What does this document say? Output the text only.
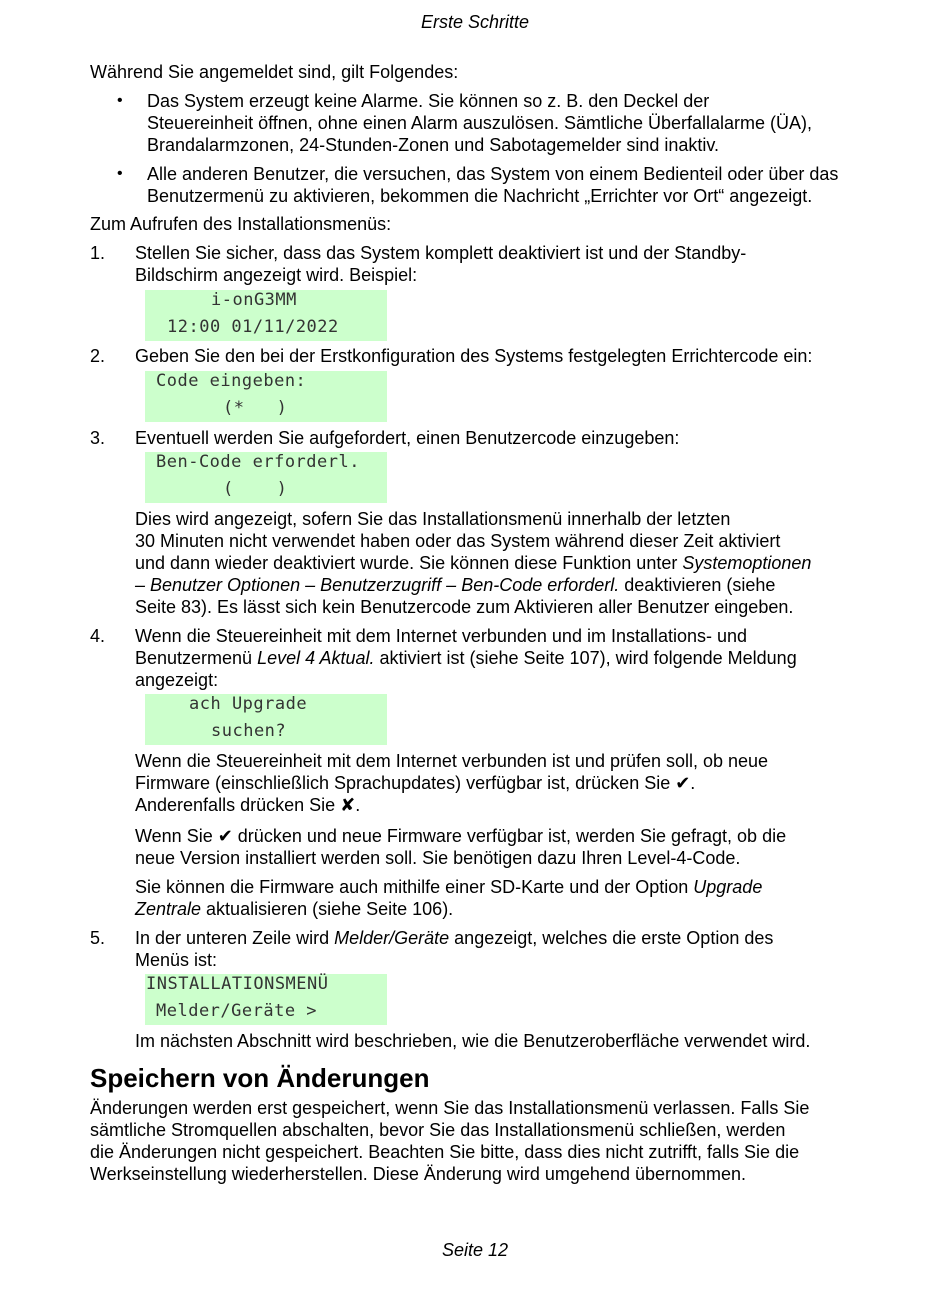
Erste Schritte

Während Sie angemeldet sind, gilt Folgendes:

• Das System erzeugt keine Alarme. Sie können so z. B. den Deckel der

Steuereinheit öffnen, ohne einen Alarm auszulösen. Sämtliche Überfallalarme (ÜA),

Brandalarmzonen, 24-Stunden-Zonen und Sabotagemelder sind inaktiv.

• Alle anderen Benutzer, die versuchen, das System von einem Bedienteil oder über das

Benutzermenü zu aktivieren, bekommen die Nachricht „Errichter vor Ort“ angezeigt.

Zum Aufrufen des Installationsmenüs:

1. Stellen Sie sicher, dass das System komplett deaktiviert ist und der Standby-

Bildschirm angezeigt wird. Beispiel:

i-onG3MM
12:00 01/11/2022
2. Geben Sie den bei der Erstkonfiguration des Systems festgelegten Errichtercode ein:

Code eingeben:
(*   )
3. Eventuell werden Sie aufgefordert, einen Benutzercode einzugeben:

Ben-Code erforderl.
(    )

Dies wird angezeigt, sofern Sie das Installationsmenü innerhalb der letzten

30 Minuten nicht verwendet haben oder das System während dieser Zeit aktiviert

und dann wieder deaktiviert wurde. Sie können diese Funktion unter Systemoptionen

– Benutzer Optionen – Benutzerzugriff – Ben-Code erforderl. deaktivieren (siehe

Seite 83). Es lässt sich kein Benutzercode zum Aktivieren aller Benutzer eingeben.

4. Wenn die Steuereinheit mit dem Internet verbunden und im Installations- und

Benutzermenü Level 4 Aktual. aktiviert ist (siehe Seite 107), wird folgende Meldung

angezeigt:

ach Upgrade
suchen?

Wenn die Steuereinheit mit dem Internet verbunden ist und prüfen soll, ob neue

Firmware (einschließlich Sprachupdates) verfügbar ist, drücken Sie ✔.

Anderenfalls drücken Sie ✘.

Wenn Sie ✔ drücken und neue Firmware verfügbar ist, werden Sie gefragt, ob die

neue Version installiert werden soll. Sie benötigen dazu Ihren Level-4-Code.

Sie können die Firmware auch mithilfe einer SD-Karte und der Option Upgrade

Zentrale aktualisieren (siehe Seite 106).

5. In der unteren Zeile wird Melder/Geräte angezeigt, welches die erste Option des

Menüs ist:

INSTALLATIONSMENÜ
Melder/Geräte >

Im nächsten Abschnitt wird beschrieben, wie die Benutzeroberfläche verwendet wird.

Speichern von Änderungen

Änderungen werden erst gespeichert, wenn Sie das Installationsmenü verlassen. Falls Sie

sämtliche Stromquellen abschalten, bevor Sie das Installationsmenü schließen, werden

die Änderungen nicht gespeichert. Beachten Sie bitte, dass dies nicht zutrifft, falls Sie die

Werkseinstellung wiederherstellen. Diese Änderung wird umgehend übernommen.

Seite 12
